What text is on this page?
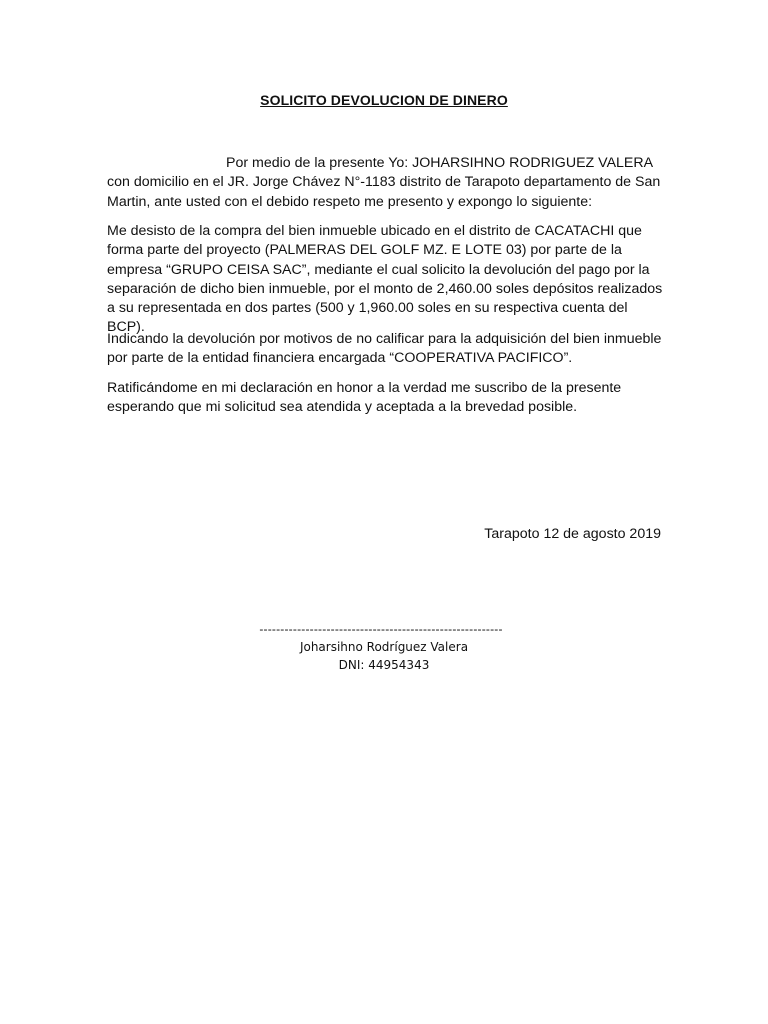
SOLICITO DEVOLUCION DE DINERO
Por medio de la presente Yo: JOHARSIHNO RODRIGUEZ VALERA con domicilio en el JR. Jorge Chávez N°-1183 distrito de Tarapoto departamento de San Martin, ante usted con el debido respeto me presento y expongo lo siguiente:
Me desisto de la compra del bien inmueble ubicado en el distrito de CACATACHI que forma parte del proyecto (PALMERAS DEL GOLF MZ. E LOTE 03) por parte de la empresa “GRUPO CEISA SAC”, mediante el cual solicito la devolución del pago por la separación de dicho bien inmueble, por el monto de 2,460.00 soles depósitos realizados a su representada en dos partes (500 y 1,960.00 soles en su respectiva cuenta del BCP).
Indicando la devolución por motivos de no calificar para la adquisición del bien inmueble por parte de la entidad financiera encargada “COOPERATIVA PACIFICO”.
Ratificándome en mi declaración en honor a la verdad me suscribo de la presente esperando que mi solicitud sea atendida y aceptada a la brevedad posible.
Tarapoto 12 de agosto 2019
----------------------------------------------------------
Joharsihno Rodríguez Valera
DNI: 44954343
